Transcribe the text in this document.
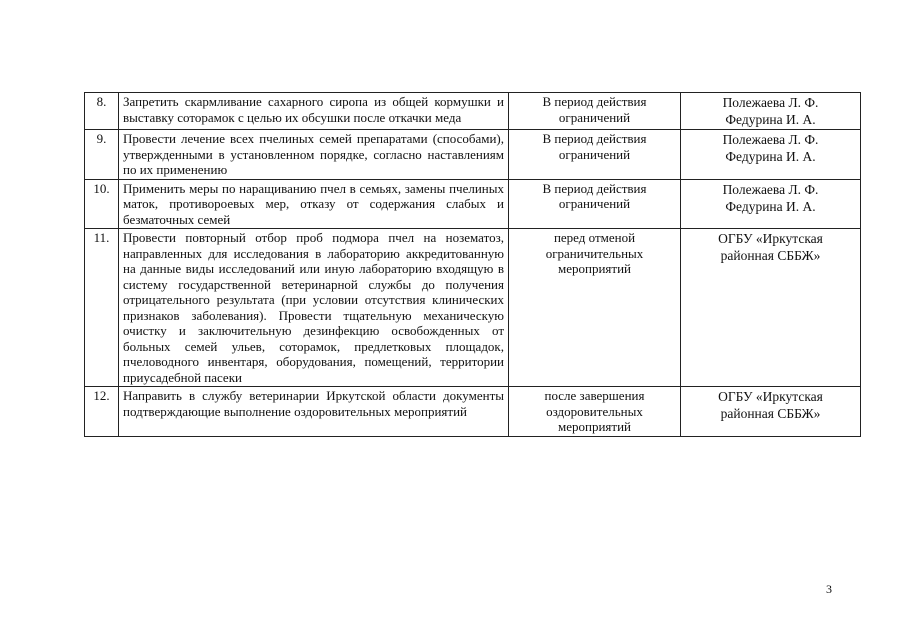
8.	Запретить скармливание сахарного сиропа из общей кормушки и выставку соторамок с целью их обсушки после откачки меда	В период действия ограничений	Полежаева Л. Ф.
Федурина И. А.

9.	Провести лечение всех пчелиных семей препаратами (способами), утвержденными в установленном порядке, согласно наставлениям по их применению	В период действия ограничений	Полежаева Л. Ф.
Федурина И. А.

10.	Применить меры по наращиванию пчел в семьях, замены пчелиных маток, противороевых мер, отказу от содержания слабых и безматочных семей	В период действия ограничений	Полежаева Л. Ф.
Федурина И. А.

11.	Провести повторный отбор проб подмора пчел на нозематоз, направленных для исследования в лабораторию аккредитованную на данные виды исследований или иную лабораторию входящую в систему государственной ветеринарной службы до получения отрицательного результата (при условии отсутствия клинических признаков заболевания). Провести тщательную механическую очистку и заключительную дезинфекцию освобожденных от больных семей ульев, сотoрамок, предлетковых площадок, пчеловодного инвентаря, оборудования, помещений, территории приусадебной пасеки	перед отменой ограничительных мероприятий	ОГБУ «Иркутская
районная СББЖ»

12.	Направить в службу ветеринарии Иркутской области документы подтверждающие выполнение оздоровительных мероприятий	после завершения оздоровительных мероприятий	ОГБУ «Иркутская
районная СББЖ»
3
